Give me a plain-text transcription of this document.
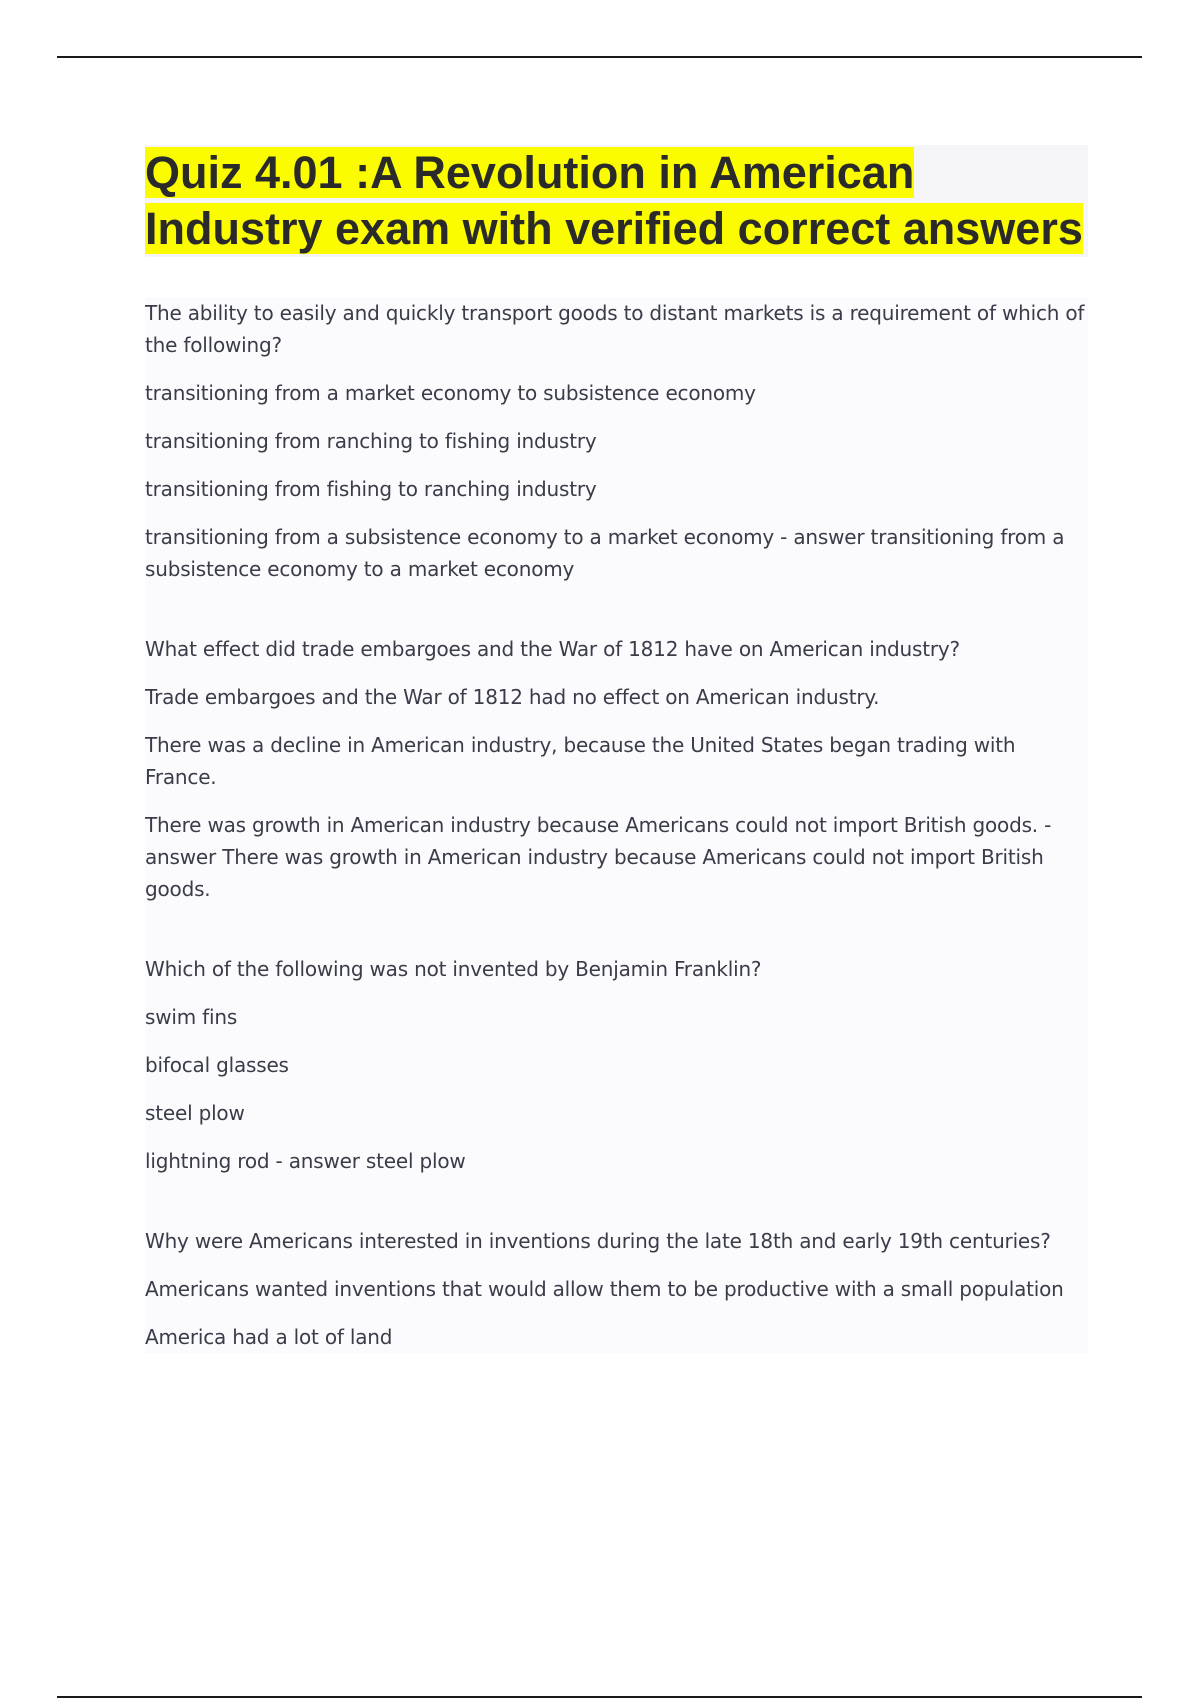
Quiz 4.01 :A Revolution in American Industry exam with verified correct answers

The ability to easily and quickly transport goods to distant markets is a requirement of which of the following?

transitioning from a market economy to subsistence economy

transitioning from ranching to fishing industry

transitioning from fishing to ranching industry

transitioning from a subsistence economy to a market economy - answer transitioning from a subsistence economy to a market economy

What effect did trade embargoes and the War of 1812 have on American industry?

Trade embargoes and the War of 1812 had no effect on American industry.

There was a decline in American industry, because the United States began trading with France.

There was growth in American industry because Americans could not import British goods. - answer There was growth in American industry because Americans could not import British goods.

Which of the following was not invented by Benjamin Franklin?

swim fins

bifocal glasses

steel plow

lightning rod - answer steel plow

Why were Americans interested in inventions during the late 18th and early 19th centuries?

Americans wanted inventions that would allow them to be productive with a small population

America had a lot of land
